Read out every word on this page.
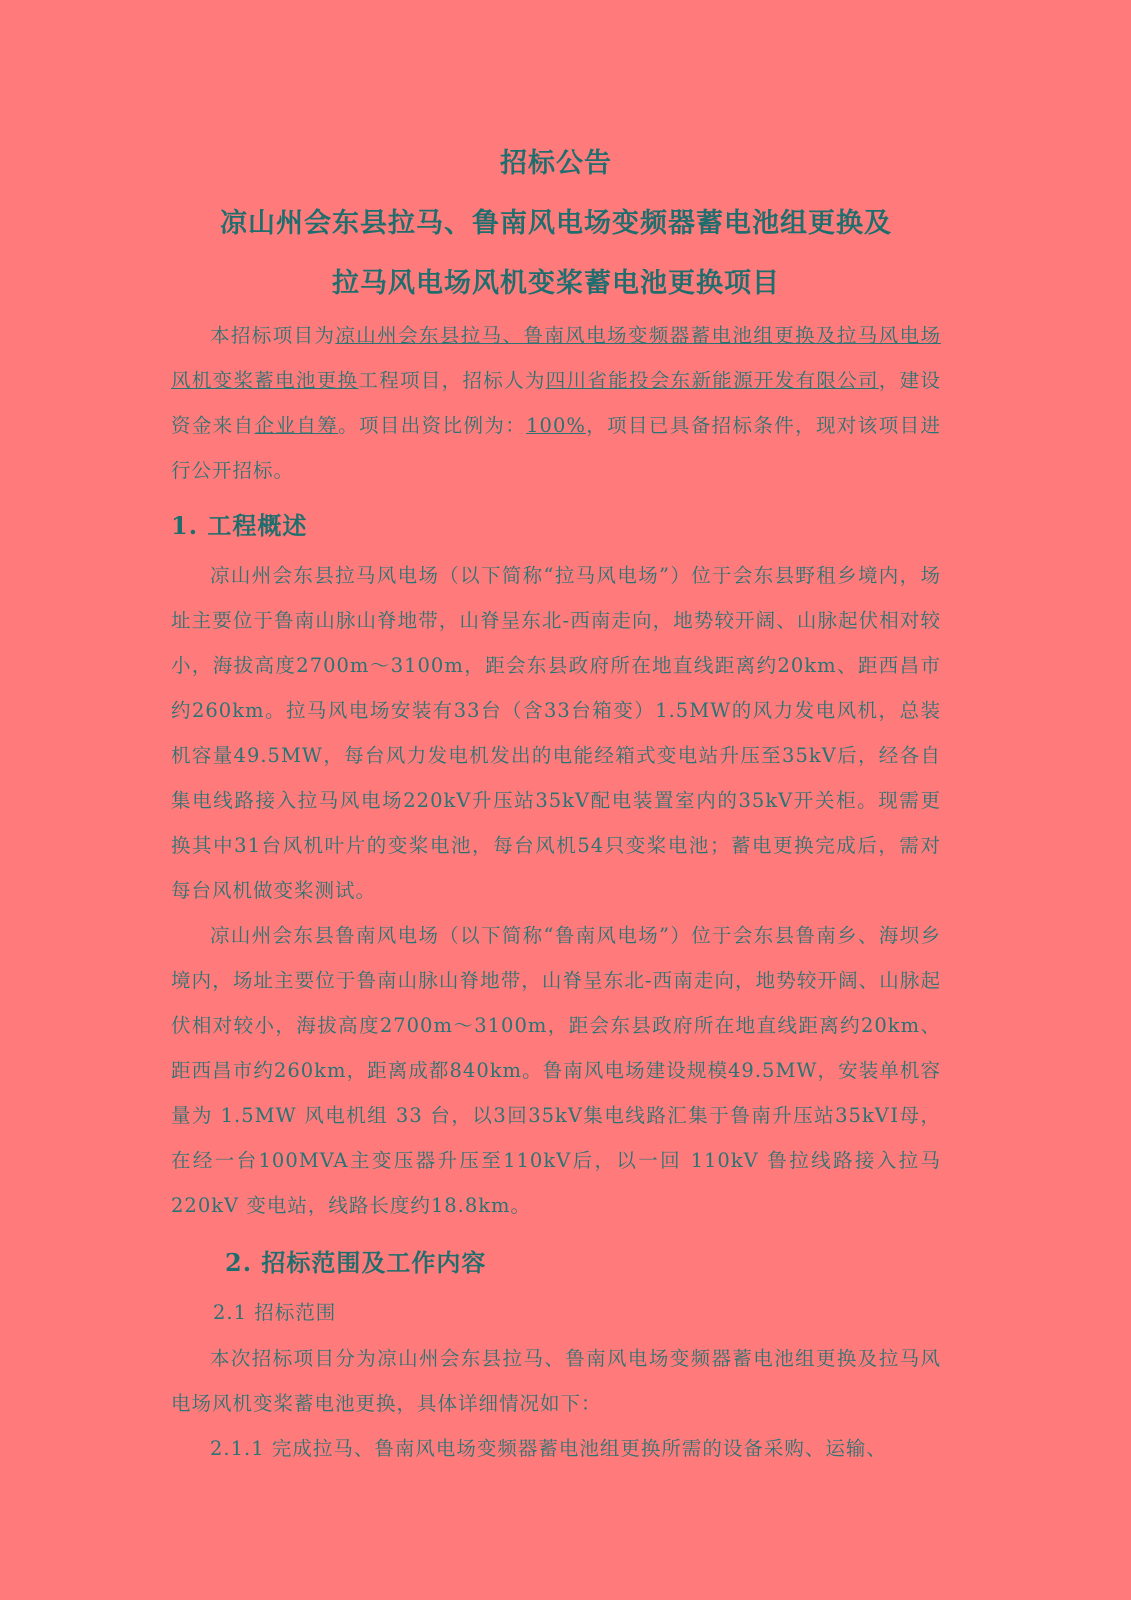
招标公告
凉山州会东县拉马、鲁南风电场变频器蓄电池组更换及
拉马风电场风机变桨蓄电池更换项目

本招标项目为凉山州会东县拉马、鲁南风电场变频器蓄电池组更换及拉马风电场风机变桨蓄电池更换工程项目，招标人为四川省能投会东新能源开发有限公司，建设资金来自企业自筹。项目出资比例为：100%，项目已具备招标条件，现对该项目进行公开招标。

1. 工程概述

凉山州会东县拉马风电场（以下简称“拉马风电场”）位于会东县野租乡境内，场址主要位于鲁南山脉山脊地带，山脊呈东北-西南走向，地势较开阔、山脉起伏相对较小，海拔高度2700m～3100m，距会东县政府所在地直线距离约20km、距西昌市约260km。拉马风电场安装有33台（含33台箱变）1.5MW的风力发电风机，总装机容量49.5MW，每台风力发电机发出的电能经箱式变电站升压至35kV后，经各自集电线路接入拉马风电场220kV升压站35kV配电装置室内的35kV开关柜。现需更换其中31台风机叶片的变桨电池，每台风机54只变桨电池；蓄电更换完成后，需对每台风机做变桨测试。

凉山州会东县鲁南风电场（以下简称“鲁南风电场”）位于会东县鲁南乡、海坝乡境内，场址主要位于鲁南山脉山脊地带，山脊呈东北-西南走向，地势较开阔、山脉起伏相对较小，海拔高度2700m～3100m，距会东县政府所在地直线距离约20km、距西昌市约260km，距离成都840km。鲁南风电场建设规模49.5MW，安装单机容量为 1.5MW 风电机组 33 台，以3回35kV集电线路汇集于鲁南升压站35kVⅠ母，在经一台100MVA主变压器升压至110kV后，以一回 110kV 鲁拉线路接入拉马220kV 变电站，线路长度约18.8km。

2. 招标范围及工作内容

2.1 招标范围

本次招标项目分为凉山州会东县拉马、鲁南风电场变频器蓄电池组更换及拉马风电场风机变桨蓄电池更换，具体详细情况如下：

2.1.1 完成拉马、鲁南风电场变频器蓄电池组更换所需的设备采购、运输、
